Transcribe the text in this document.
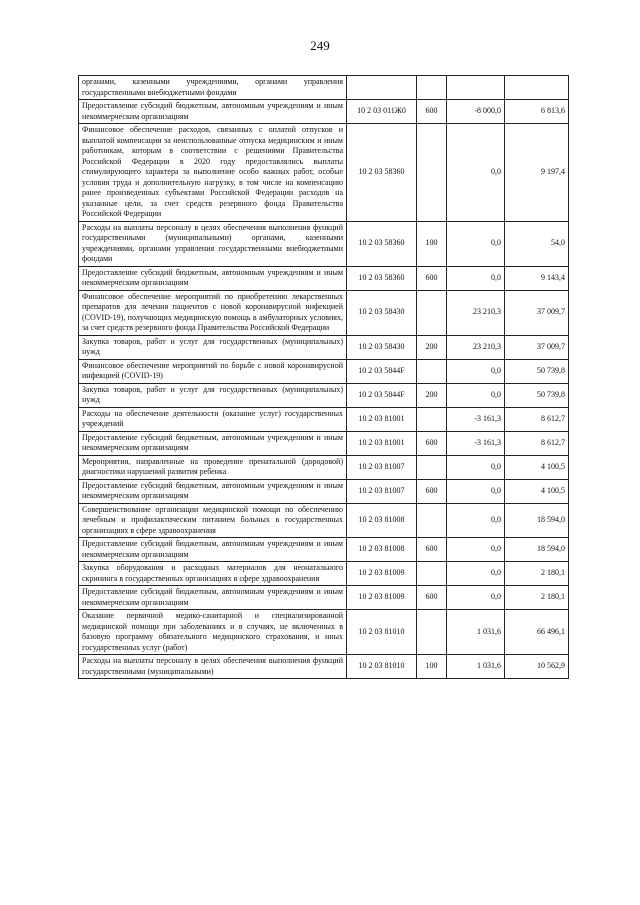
249
органами, казенными учреждениями, органами управления государственными внебюджетными фондами				
Предоставление субсидий бюджетным, автономным учреждениям и иным некоммерческим организациям	10 2 03 011Ж0	600	-8 000,0	6 813,6
Финансовое обеспечение расходов, связанных с оплатой отпусков и выплатой компенсации за неиспользованные отпуска медицинским и иным работникам, которым в соответствии с решениями Правительства Российской Федерации в 2020 году предоставлялись выплаты стимулирующего характера за выполнение особо важных работ, особые условия труда и дополнительную нагрузку, в том числе на компенсацию ранее произведенных субъектами Российской Федерации расходов на указанные цели, за счет средств резервного фонда Правительства Российской Федерации	10 2 03 58360		0,0	9 197,4
Расходы на выплаты персоналу в целях обеспечения выполнения функций государственными (муниципальными) органами, казенными учреждениями, органами управления государственными внебюджетными фондами	10 2 03 58360	100	0,0	54,0
Предоставление субсидий бюджетным, автономным учреждениям и иным некоммерческим организациям	10 2 03 58360	600	0,0	9 143,4
Финансовое обеспечение мероприятий по приобретению лекарственных препаратов для лечения пациентов с новой коронавирусной инфекцией (COVID-19), получающих медицинскую помощь в амбулаторных условиях, за счет средств резервного фонда Правительства Российской Федерации	10 2 03 58430		23 210,3	37 009,7
Закупка товаров, работ и услуг для государственных (муниципальных) нужд	10 2 03 58430	200	23 210,3	37 009,7
Финансовое обеспечение мероприятий по борьбе с новой коронавирусной инфекцией (COVID-19)	10 2 03 5844F		0,0	50 739,8
Закупка товаров, работ и услуг для государственных (муниципальных) нужд	10 2 03 5844F	200	0,0	50 739,8
Расходы на обеспечение деятельности (оказание услуг) государственных учреждений	10 2 03 81001		-3 161,3	8 612,7
Предоставление субсидий бюджетным, автономным учреждениям и иным некоммерческим организациям	10 2 03 81001	600	-3 161,3	8 612,7
Мероприятия, направленные на проведение пренатальной (дородовой) диагностики нарушений развития ребенка	10 2 03 81007		0,0	4 100,5
Предоставление субсидий бюджетным, автономным учреждениям и иным некоммерческим организациям	10 2 03 81007	600	0,0	4 100,5
Совершенствование организации медицинской помощи по обеспечению лечебным и профилактическим питанием больных в государственных организациях в сфере здравоохранения	10 2 03 81008		0,0	18 594,0
Предоставление субсидий бюджетным, автономным учреждениям и иным некоммерческим организациям	10 2 03 81008	600	0,0	18 594,0
Закупка оборудования и расходных материалов для неонатального скрининга в государственных организациях в сфере здравоохранения	10 2 03 81009		0,0	2 180,1
Предоставление субсидий бюджетным, автономным учреждениям и иным некоммерческим организациям	10 2 03 81009	600	0,0	2 180,1
Оказание первичной медико-санитарной и специализированной медицинской помощи при заболеваниях и в случаях, не включенных в базовую программу обязательного медицинского страхования, и иных государственных услуг (работ)	10 2 03 81010		1 031,6	66 496,1
Расходы на выплаты персоналу в целях обеспечения выполнения функций государственными (муниципальными)	10 2 03 81010	100	1 031,6	10 562,9
